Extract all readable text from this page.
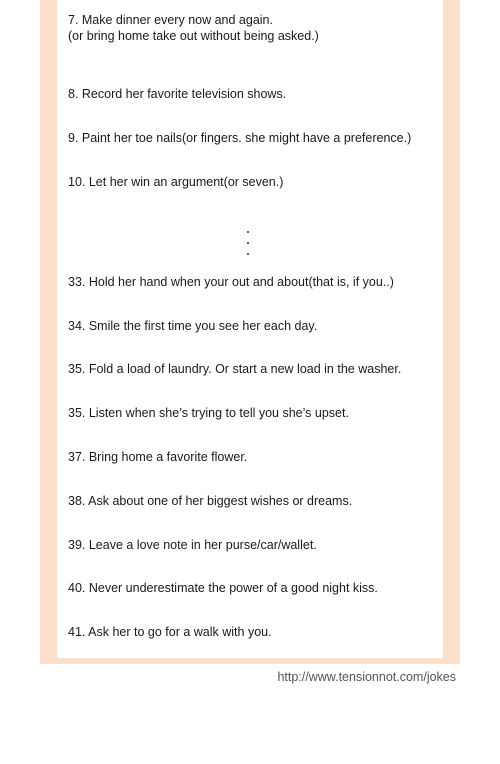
7. Make dinner every now and again.
(or bring home take out without being asked.)
8. Record her favorite television shows.
9. Paint her toe nails(or fingers. she might have a preference.)
10. Let her win an argument(or seven.)
33. Hold her hand when your out and about(that is, if you..)
34. Smile the first time you see her each day.
35. Fold a load of laundry. Or start a new load in the washer.
35. Listen when she’s trying to tell you she’s upset.
37. Bring home a favorite flower.
38. Ask about one of her biggest wishes or dreams.
39. Leave a love note in her purse/car/wallet.
40. Never underestimate the power of a good night kiss.
41. Ask her to go for a walk with you.
http://www.tensionnot.com/jokes
